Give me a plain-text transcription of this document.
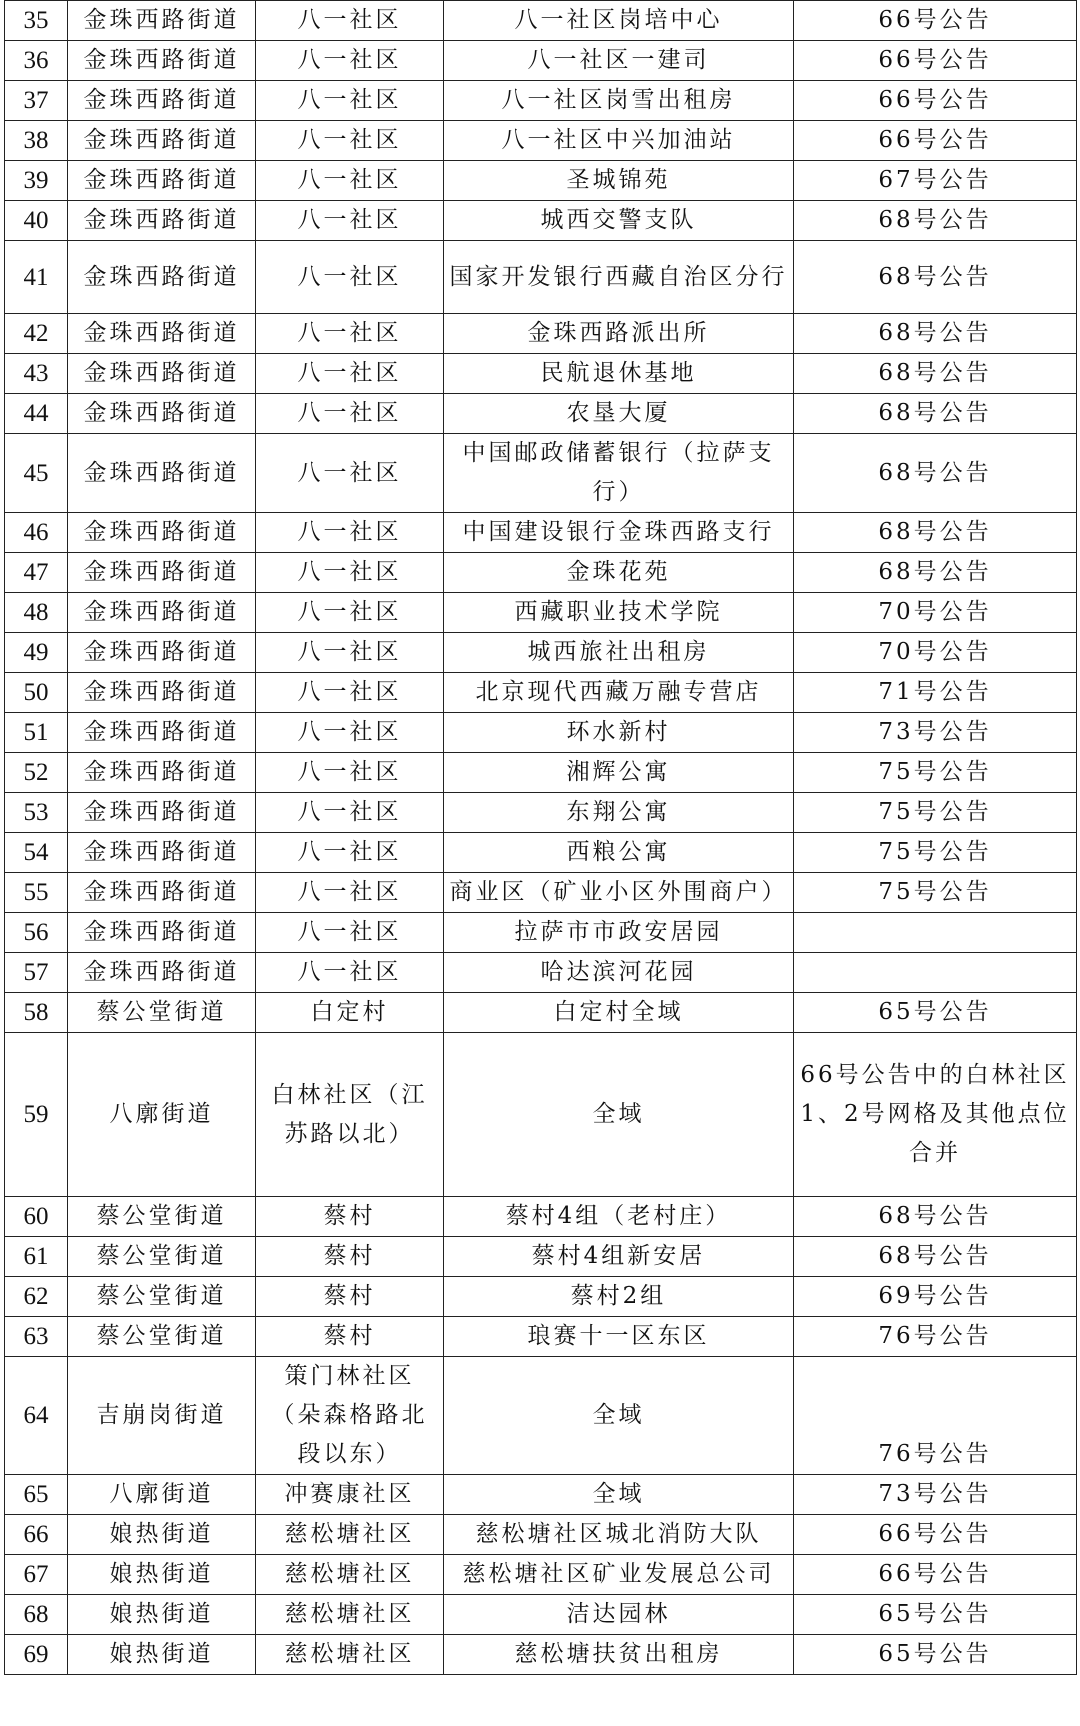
35	金珠西路街道	八一社区	八一社区岗培中心	66号公告
36	金珠西路街道	八一社区	八一社区一建司	66号公告
37	金珠西路街道	八一社区	八一社区岗雪出租房	66号公告
38	金珠西路街道	八一社区	八一社区中兴加油站	66号公告
39	金珠西路街道	八一社区	圣城锦苑	67号公告
40	金珠西路街道	八一社区	城西交警支队	68号公告
41	金珠西路街道	八一社区	国家开发银行西藏自治区分行	68号公告
42	金珠西路街道	八一社区	金珠西路派出所	68号公告
43	金珠西路街道	八一社区	民航退休基地	68号公告
44	金珠西路街道	八一社区	农垦大厦	68号公告
45	金珠西路街道	八一社区	中国邮政储蓄银行（拉萨支行）	68号公告
46	金珠西路街道	八一社区	中国建设银行金珠西路支行	68号公告
47	金珠西路街道	八一社区	金珠花苑	68号公告
48	金珠西路街道	八一社区	西藏职业技术学院	70号公告
49	金珠西路街道	八一社区	城西旅社出租房	70号公告
50	金珠西路街道	八一社区	北京现代西藏万融专营店	71号公告
51	金珠西路街道	八一社区	环水新村	73号公告
52	金珠西路街道	八一社区	湘辉公寓	75号公告
53	金珠西路街道	八一社区	东翔公寓	75号公告
54	金珠西路街道	八一社区	西粮公寓	75号公告
55	金珠西路街道	八一社区	商业区（矿业小区外围商户）	75号公告
56	金珠西路街道	八一社区	拉萨市市政安居园	
57	金珠西路街道	八一社区	哈达滨河花园	
58	蔡公堂街道	白定村	白定村全域	65号公告
59	八廓街道	白林社区（江苏路以北）	全域	66号公告中的白林社区1、2号网格及其他点位合并
60	蔡公堂街道	蔡村	蔡村4组（老村庄）	68号公告
61	蔡公堂街道	蔡村	蔡村4组新安居	68号公告
62	蔡公堂街道	蔡村	蔡村2组	69号公告
63	蔡公堂街道	蔡村	琅赛十一区东区	76号公告
64	吉崩岗街道	策门林社区（朵森格路北段以东）	全域	76号公告
65	八廓街道	冲赛康社区	全域	73号公告
66	娘热街道	慈松塘社区	慈松塘社区城北消防大队	66号公告
67	娘热街道	慈松塘社区	慈松塘社区矿业发展总公司	66号公告
68	娘热街道	慈松塘社区	洁达园林	65号公告
69	娘热街道	慈松塘社区	慈松塘扶贫出租房	65号公告
